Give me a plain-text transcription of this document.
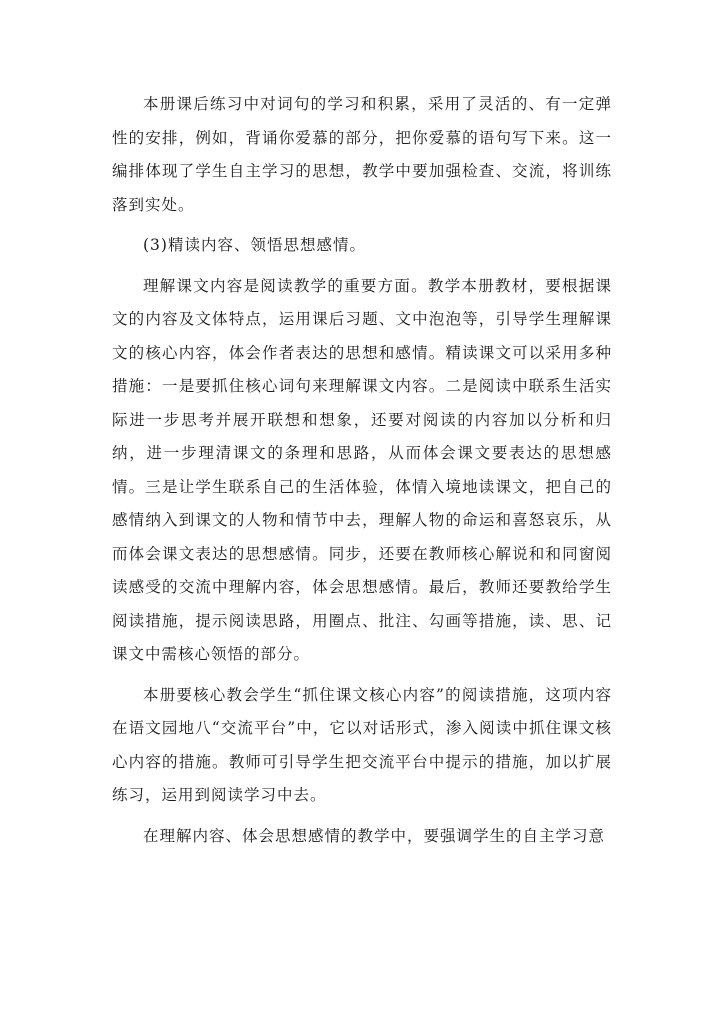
本册课后练习中对词句的学习和积累，采用了灵活的、有一定弹性的安排，例如，背诵你爱慕的部分，把你爱慕的语句写下来。这一编排体现了学生自主学习的思想，教学中要加强检查、交流，将训练落到实处。

(3)精读内容、领悟思想感情。

理解课文内容是阅读教学的重要方面。教学本册教材，要根据课文的内容及文体特点，运用课后习题、文中泡泡等，引导学生理解课文的核心内容，体会作者表达的思想和感情。精读课文可以采用多种措施：一是要抓住核心词句来理解课文内容。二是阅读中联系生活实际进一步思考并展开联想和想象，还要对阅读的内容加以分析和归纳，进一步理清课文的条理和思路，从而体会课文要表达的思想感情。三是让学生联系自己的生活体验，体情入境地读课文，把自己的感情纳入到课文的人物和情节中去，理解人物的命运和喜怒哀乐，从而体会课文表达的思想感情。同步，还要在教师核心解说和和同窗阅读感受的交流中理解内容，体会思想感情。最后，教师还要教给学生阅读措施，提示阅读思路，用圈点、批注、勾画等措施，读、思、记课文中需核心领悟的部分。

本册要核心教会学生“抓住课文核心内容”的阅读措施，这项内容在语文园地八“交流平台”中，它以对话形式，渗入阅读中抓住课文核心内容的措施。教师可引导学生把交流平台中提示的措施，加以扩展练习，运用到阅读学习中去。

在理解内容、体会思想感情的教学中，要强调学生的自主学习意
